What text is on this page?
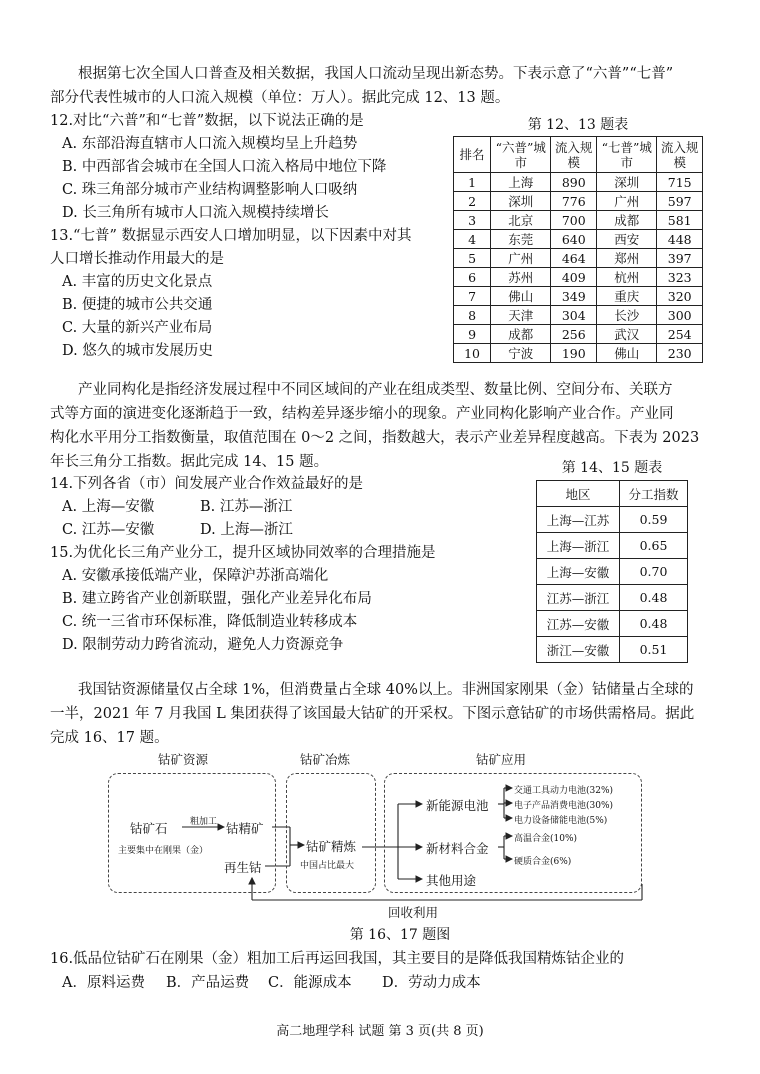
根据第七次全国人口普查及相关数据，我国人口流动呈现出新态势。下表示意了“六普”“七普”
部分代表性城市的人口流入规模（单位：万人）。据此完成 12、13 题。
12.对比“六普”和“七普”数据，以下说法正确的是
A. 东部沿海直辖市人口流入规模均呈上升趋势
B. 中西部省会城市在全国人口流入格局中地位下降
C. 珠三角部分城市产业结构调整影响人口吸纳
D. 长三角所有城市人口流入规模持续增长
13.“七普” 数据显示西安人口增加明显，以下因素中对其
人口增长推动作用最大的是
A. 丰富的历史文化景点
B. 便捷的城市公共交通
C. 大量的新兴产业布局
D. 悠久的城市发展历史
第 12、13 题表
排名	“六普”城市	流入规模	“七普”城市	流入规模
1	上海	890	深圳	715
2	深圳	776	广州	597
3	北京	700	成都	581
4	东莞	640	西安	448
5	广州	464	郑州	397
6	苏州	409	杭州	323
7	佛山	349	重庆	320
8	天津	304	长沙	300
9	成都	256	武汉	254
10	宁波	190	佛山	230
产业同构化是指经济发展过程中不同区域间的产业在组成类型、数量比例、空间分布、关联方
式等方面的演进变化逐渐趋于一致，结构差异逐步缩小的现象。产业同构化影响产业合作。产业同
构化水平用分工指数衡量，取值范围在 0～2 之间，指数越大，表示产业差异程度越高。下表为 2023
年长三角分工指数。据此完成 14、15 题。
14.下列各省（市）间发展产业合作效益最好的是
A. 上海—安徽	B. 江苏—浙江
C. 江苏—安徽	D. 上海—浙江
15.为优化长三角产业分工，提升区域协同效率的合理措施是
A. 安徽承接低端产业，保障沪苏浙高端化
B. 建立跨省产业创新联盟，强化产业差异化布局
C. 统一三省市环保标准，降低制造业转移成本
D. 限制劳动力跨省流动，避免人力资源竞争
第 14、15 题表
地区	分工指数
上海—江苏	0.59
上海—浙江	0.65
上海—安徽	0.70
江苏—浙江	0.48
江苏—安徽	0.48
浙江—安徽	0.51
我国钴资源储量仅占全球 1%，但消费量占全球 40%以上。非洲国家刚果（金）钴储量占全球的
一半，2021 年 7 月我国 L 集团获得了该国最大钴矿的开采权。下图示意钴矿的市场供需格局。据此
完成 16、17 题。
钴矿资源	钴矿冶炼	钴矿应用
钴矿石 粗加工 钴精矿
主要集中在刚果（金）
再生钴
钴矿精炼
中国占比最大
新能源电池
新材料合金
其他用途
交通工具动力电池(32%)
电子产品消费电池(30%)
电力设备储能电池(5%)
高温合金(10%)
硬质合金(6%)
回收利用
第 16、17 题图
16.低品位钴矿石在刚果（金）粗加工后再运回我国，其主要目的是降低我国精炼钴企业的
A．原料运费 B．产品运费 C．能源成本 D．劳动力成本
高二地理学科 试题 第 3 页(共 8 页)
